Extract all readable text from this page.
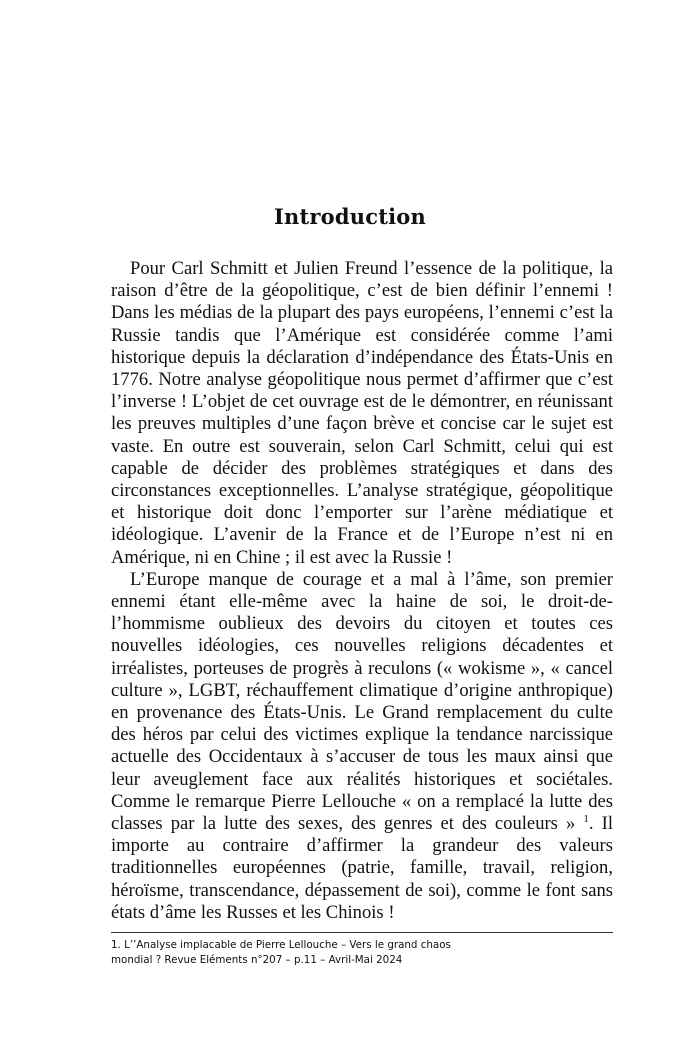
Introduction

Pour Carl Schmitt et Julien Freund l’essence de la politique, la raison d’être de la géopolitique, c’est de bien définir l’ennemi ! Dans les médias de la plupart des pays européens, l’ennemi c’est la Russie tandis que l’Amérique est considérée comme l’ami historique depuis la déclaration d’indépendance des États-Unis en 1776. Notre analyse géopolitique nous permet d’affirmer que c’est l’inverse ! L’objet de cet ouvrage est de le démontrer, en réunissant les preuves multiples d’une façon brève et concise car le sujet est vaste. En outre est souverain, selon Carl Schmitt, celui qui est capable de décider des problèmes stratégiques et dans des circonstances exceptionnelles. L’analyse stratégique, géopolitique et historique doit donc l’emporter sur l’arène médiatique et idéologique. L’avenir de la France et de l’Europe n’est ni en Amérique, ni en Chine ; il est avec la Russie !

L’Europe manque de courage et a mal à l’âme, son premier ennemi étant elle-même avec la haine de soi, le droit-de-l’hommisme oublieux des devoirs du citoyen et toutes ces nouvelles idéologies, ces nouvelles religions décadentes et irréalistes, porteuses de progrès à reculons (« wokisme », « cancel culture », LGBT, réchauffement climatique d’origine anthropique) en provenance des États-Unis. Le Grand remplacement du culte des héros par celui des victimes explique la tendance narcissique actuelle des Occidentaux à s’accuser de tous les maux ainsi que leur aveuglement face aux réalités historiques et sociétales. Comme le remarque Pierre Lellouche « on a remplacé la lutte des classes par la lutte des sexes, des genres et des couleurs » $^1$. Il importe au contraire d’affirmer la grandeur des valeurs traditionnelles européennes (patrie, famille, travail, religion, héroïsme, transcendance, dépassement de soi), comme le font sans états d’âme les Russes et les Chinois !

1. L’’Analyse implacable de Pierre Lellouche – Vers le grand chaos mondial ? Revue Eléments n°207 – p.11 – Avril-Mai 2024
